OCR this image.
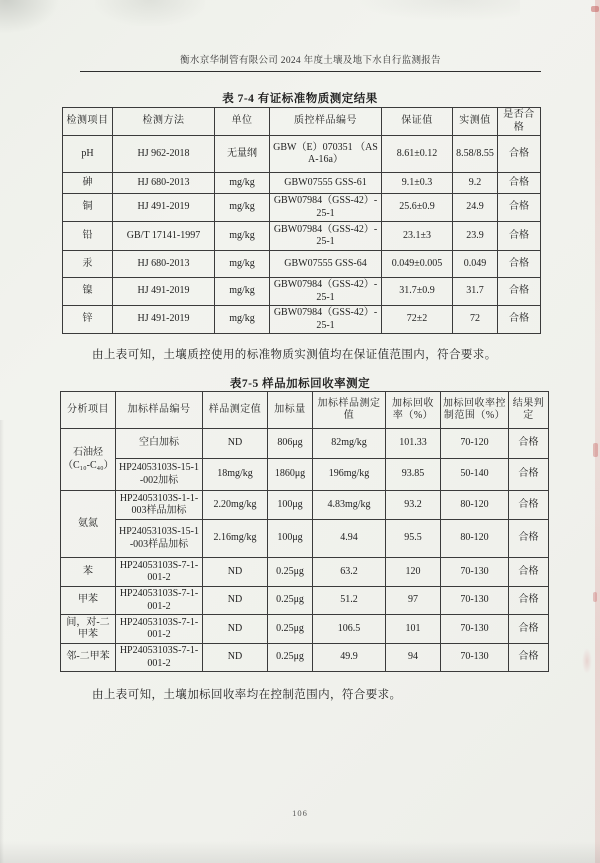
衡水京华制管有限公司 2024 年度土壤及地下水自行监测报告
表 7-4 有证标准物质测定结果
检测项目	检测方法	单位	质控样品编号	保证值	实测值	是否合格
pH	HJ 962-2018	无量纲	GBW（E）070351 （ASA-16a）	8.61±0.12	8.58/8.55	合格
砷	HJ 680-2013	mg/kg	GBW07555 GSS-61	9.1±0.3	9.2	合格
铜	HJ 491-2019	mg/kg	GBW07984（GSS-42）-25-1	25.6±0.9	24.9	合格
铅	GB/T 17141-1997	mg/kg	GBW07984（GSS-42）-25-1	23.1±3	23.9	合格
汞	HJ 680-2013	mg/kg	GBW07555 GSS-64	0.049±0.005	0.049	合格
镍	HJ 491-2019	mg/kg	GBW07984（GSS-42）-25-1	31.7±0.9	31.7	合格
锌	HJ 491-2019	mg/kg	GBW07984（GSS-42）-25-1	72±2	72	合格
由上表可知，土壤质控使用的标准物质实测值均在保证值范围内，符合要求。
表7-5 样品加标回收率测定
分析项目	加标样品编号	样品测定值	加标量	加标样品测定值	加标回收率（%）	加标回收率控制范围（%）	结果判定
石油烃（C₁₀-C₄₀）	空白加标	ND	806μg	82mg/kg	101.33	70-120	合格
	HP24053103S-15-1-002加标	18mg/kg	1860μg	196mg/kg	93.85	50-140	合格
氨氮	HP24053103S-1-1-003样品加标	2.20mg/kg	100μg	4.83mg/kg	93.2	80-120	合格
	HP24053103S-15-1-003样品加标	2.16mg/kg	100μg	4.94	95.5	80-120	合格
苯	HP24053103S-7-1-001-2	ND	0.25μg	63.2	120	70-130	合格
甲苯	HP24053103S-7-1-001-2	ND	0.25μg	51.2	97	70-130	合格
间，对-二甲苯	HP24053103S-7-1-001-2	ND	0.25μg	106.5	101	70-130	合格
邻-二甲苯	HP24053103S-7-1-001-2	ND	0.25μg	49.9	94	70-130	合格
由上表可知，土壤加标回收率均在控制范围内，符合要求。
106
